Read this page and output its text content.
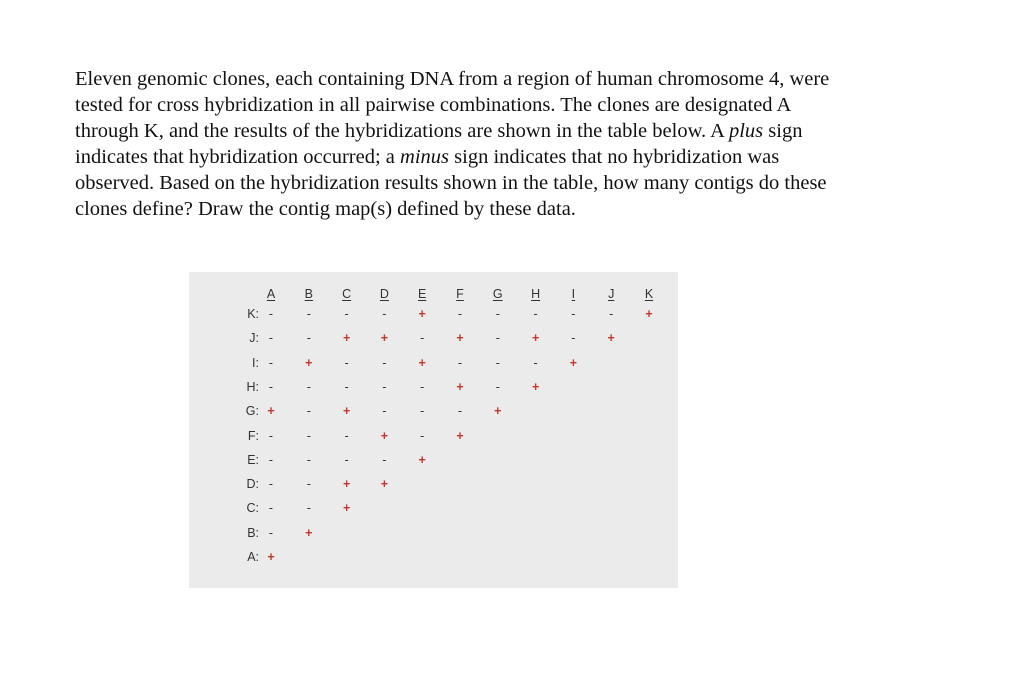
Eleven genomic clones, each containing DNA from a region of human chromosome 4, were
tested for cross hybridization in all pairwise combinations. The clones are designated A
through K, and the results of the hybridizations are shown in the table below. A plus sign
indicates that hybridization occurred; a minus sign indicates that no hybridization was
observed. Based on the hybridization results shown in the table, how many contigs do these
clones define? Draw the contig map(s) defined by these data.
A	B	C	D	E	F	G	H	I	J	K
K: -	-	-	-	+	-	-	-	-	-	+
J: -	-	+	+	-	+	-	+	-	+
I: -	+	-	-	+	-	-	-	+
H: -	-	-	-	-	+	-	+
G: +	-	+	-	-	-	+
F: -	-	-	+	-	+
E: -	-	-	-	+
D: -	-	+	+
C: -	-	+
B: -	+
A: +
